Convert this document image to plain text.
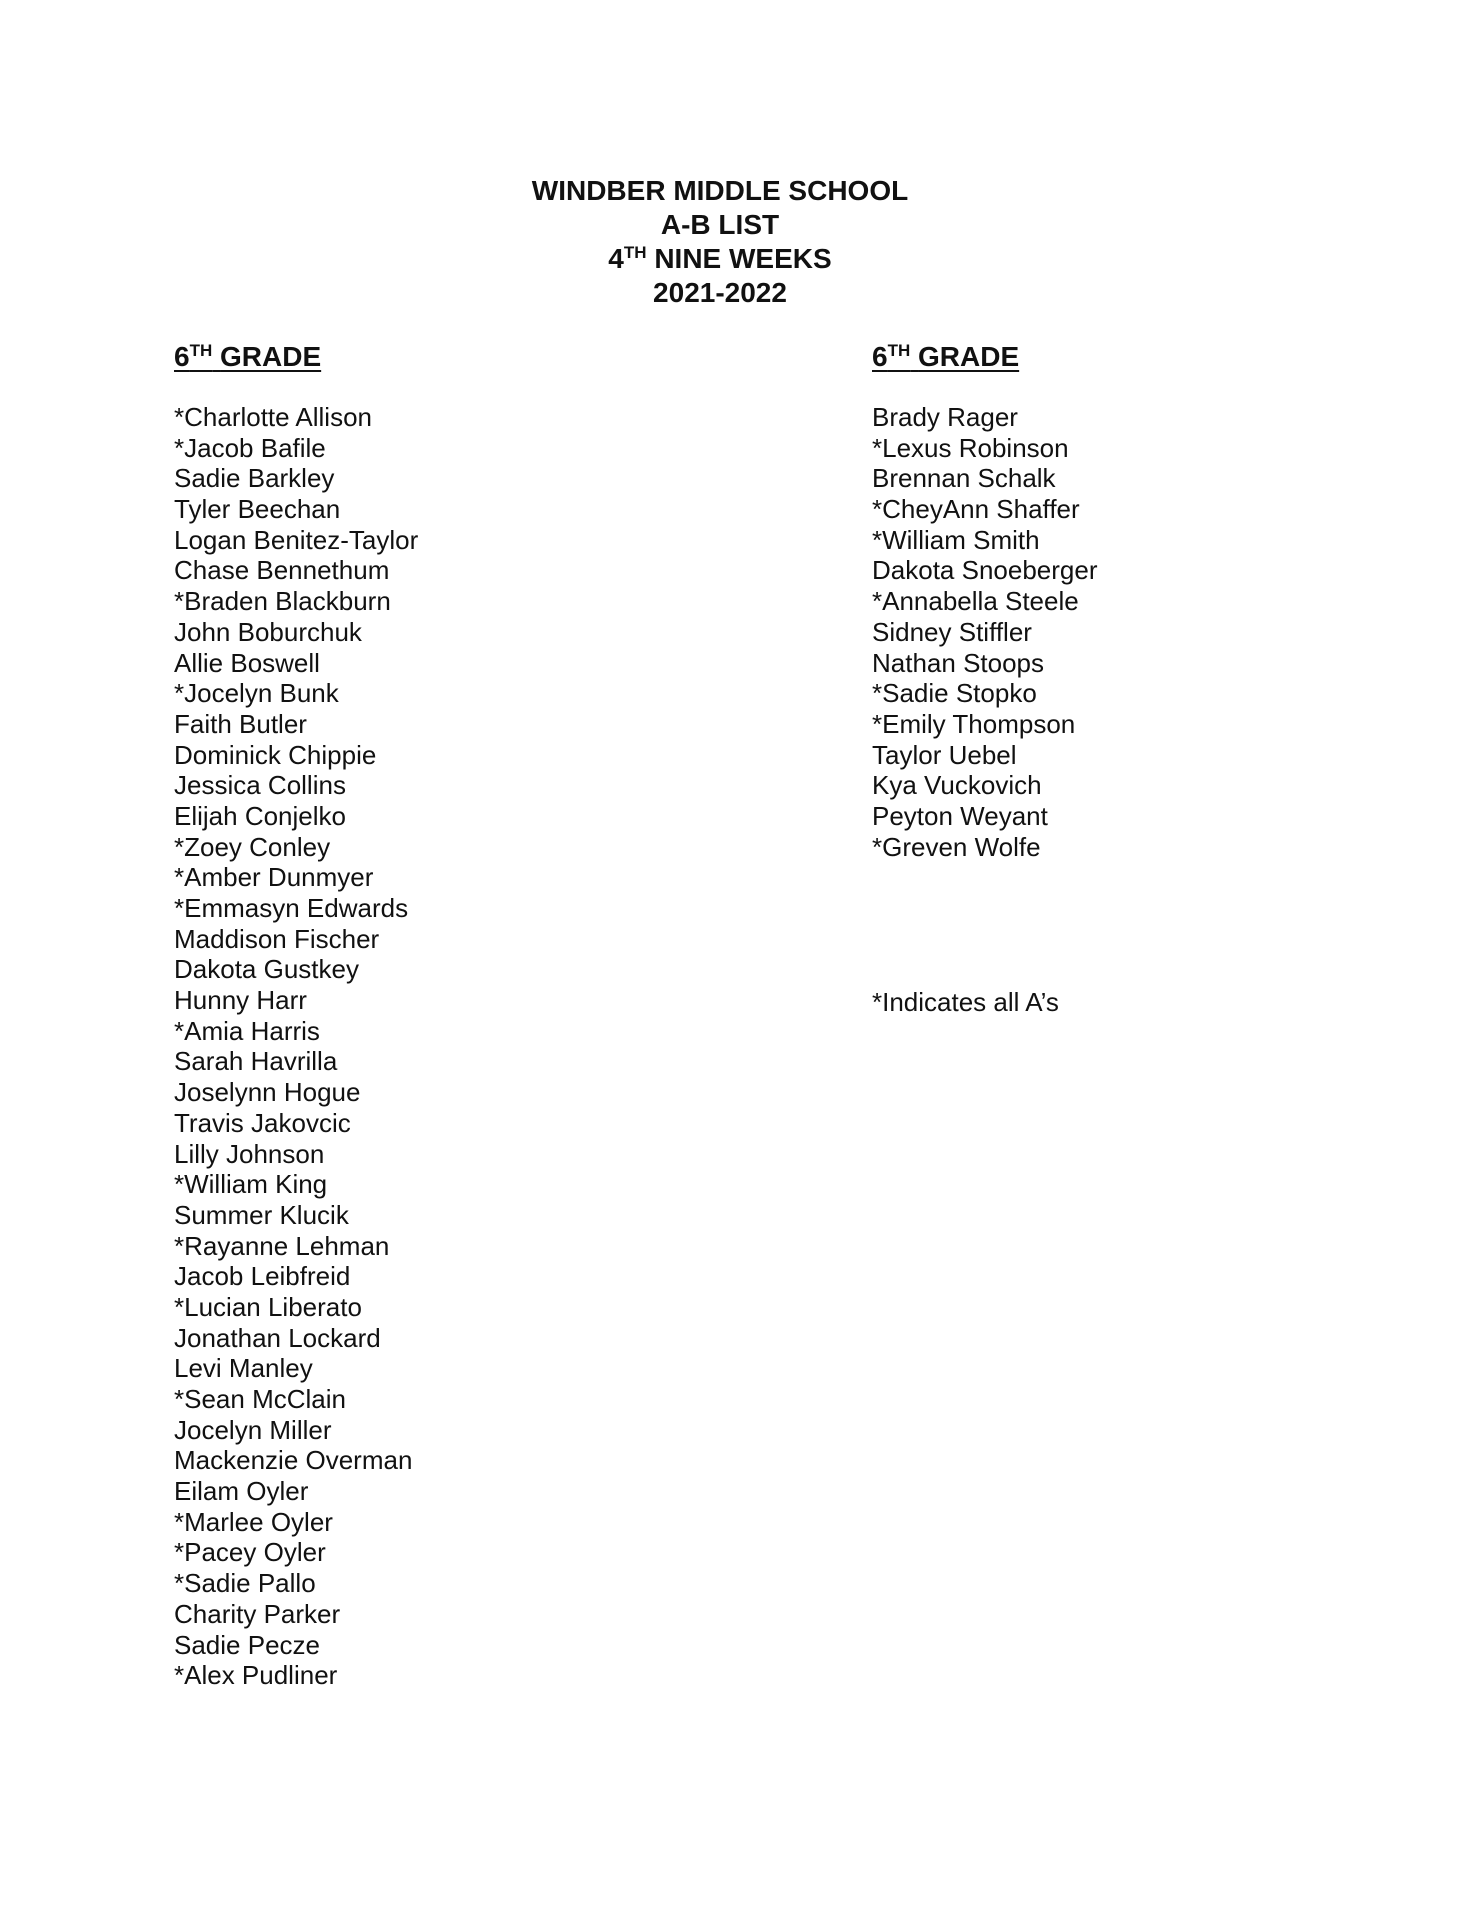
WINDBER MIDDLE SCHOOL
A-B LIST
4TH NINE WEEKS
2021-2022
6TH GRADE
*Charlotte Allison
*Jacob Bafile
Sadie Barkley
Tyler Beechan
Logan Benitez-Taylor
Chase Bennethum
*Braden Blackburn
John Boburchuk
Allie Boswell
*Jocelyn Bunk
Faith Butler
Dominick Chippie
Jessica Collins
Elijah Conjelko
*Zoey Conley
*Amber Dunmyer
*Emmasyn Edwards
Maddison Fischer
Dakota Gustkey
Hunny Harr
*Amia Harris
Sarah Havrilla
Joselynn Hogue
Travis Jakovcic
Lilly Johnson
*William King
Summer Klucik
*Rayanne Lehman
Jacob Leibfreid
*Lucian Liberato
Jonathan Lockard
Levi Manley
*Sean McClain
Jocelyn Miller
Mackenzie Overman
Eilam Oyler
*Marlee Oyler
*Pacey Oyler
*Sadie Pallo
Charity Parker
Sadie Pecze
*Alex Pudliner
6TH GRADE
Brady Rager
*Lexus Robinson
Brennan Schalk
*CheyAnn Shaffer
*William Smith
Dakota Snoeberger
*Annabella Steele
Sidney Stiffler
Nathan Stoops
*Sadie Stopko
*Emily Thompson
Taylor Uebel
Kya Vuckovich
Peyton Weyant
*Greven Wolfe
*Indicates all A’s
